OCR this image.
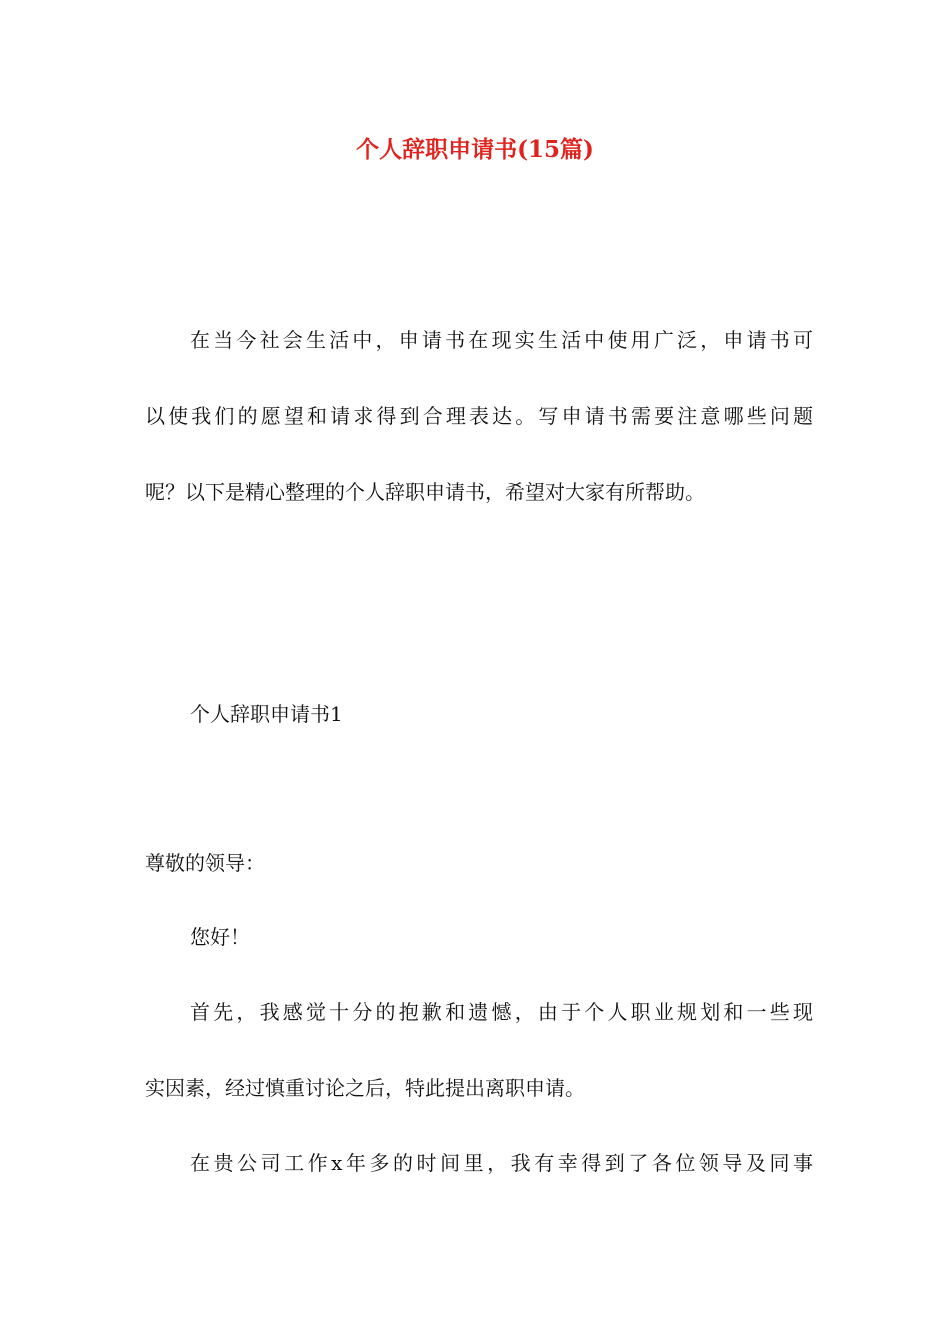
个人辞职申请书(15篇)

在当今社会生活中，申请书在现实生活中使用广泛，申请书可

以使我们的愿望和请求得到合理表达。写申请书需要注意哪些问题

呢？以下是精心整理的个人辞职申请书，希望对大家有所帮助。

个人辞职申请书1

尊敬的领导：

您好！

首先，我感觉十分的抱歉和遗憾，由于个人职业规划和一些现

实因素，经过慎重讨论之后，特此提出离职申请。

在贵公司工作x年多的时间里，我有幸得到了各位领导及同事
